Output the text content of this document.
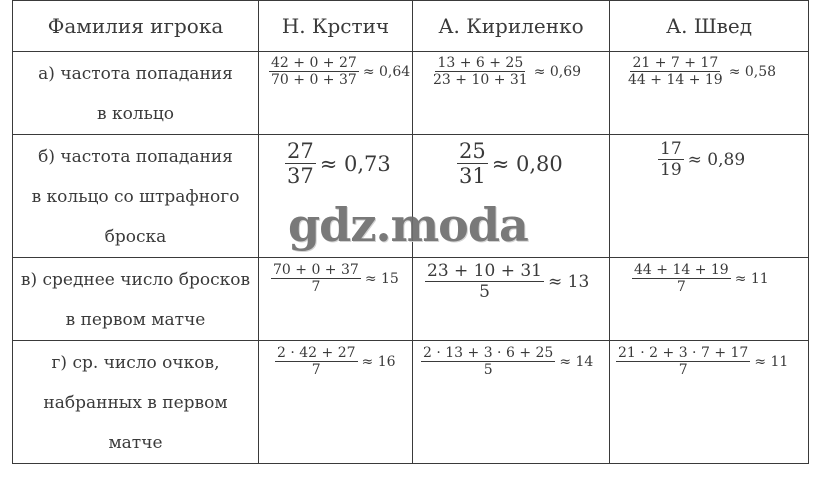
Фамилия игрока	Н. Крстич	А. Кириленко	А. Швед

а) частота попадания
в кольцо	$\frac{42 + 0 + 27}{70 + 0 + 37} \approx 0,64$	$\frac{13 + 6 + 25}{23 + 10 + 31} \approx 0,69$	$\frac{21 + 7 + 17}{44 + 14 + 19} \approx 0,58$

б) частота попадания
в кольцо со штрафного
броска	$\frac{27}{37} \approx 0,73$	$\frac{25}{31} \approx 0,80$	$\frac{17}{19} \approx 0,89$

в) среднее число бросков
в первом матче	$\frac{70 + 0 + 37}{7} \approx 15$	$\frac{23 + 10 + 31}{5} \approx 13$	$\frac{44 + 14 + 19}{7} \approx 11$

г) ср. число очков,
набранных в первом
матче	$\frac{2 \cdot 42 + 27}{7} \approx 16$	$\frac{2 \cdot 13 + 3 \cdot 6 + 25}{5} \approx 14$	$\frac{21 \cdot 2 + 3 \cdot 7 + 17}{7} \approx 11$
gdz.moda
